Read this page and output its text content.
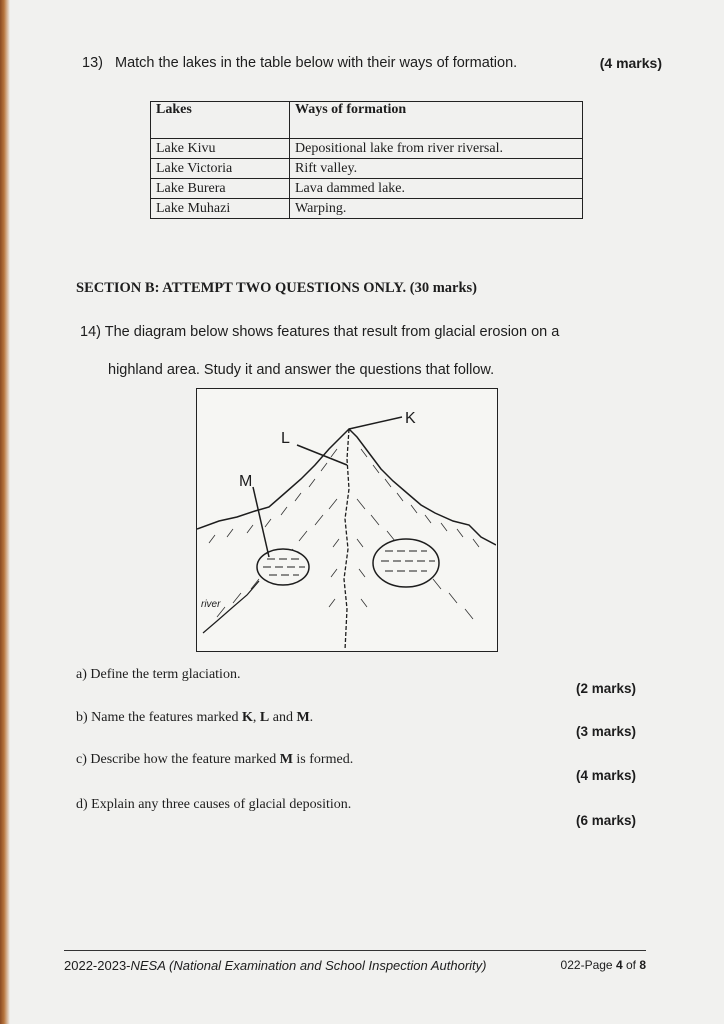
13) Match the lakes in the table below with their ways of formation.	(4 marks)
Lakes	Ways of formation
Lake Kivu	Depositional lake from river riversal.
Lake Victoria	Rift valley.
Lake Burera	Lava dammed lake.
Lake Muhazi	Warping.
SECTION B: ATTEMPT TWO QUESTIONS ONLY. (30 marks)
14) The diagram below shows features that result from glacial erosion on a
highland area. Study it and answer the questions that follow.
K
L
M
river
a) Define the term glaciation.
(2 marks)
b) Name the features marked K, L and M.
(3 marks)
c) Describe how the feature marked M is formed.
(4 marks)
d) Explain any three causes of glacial deposition.
(6 marks)
2022-2023-NESA (National Examination and School Inspection Authority)	022-Page 4 of 8
